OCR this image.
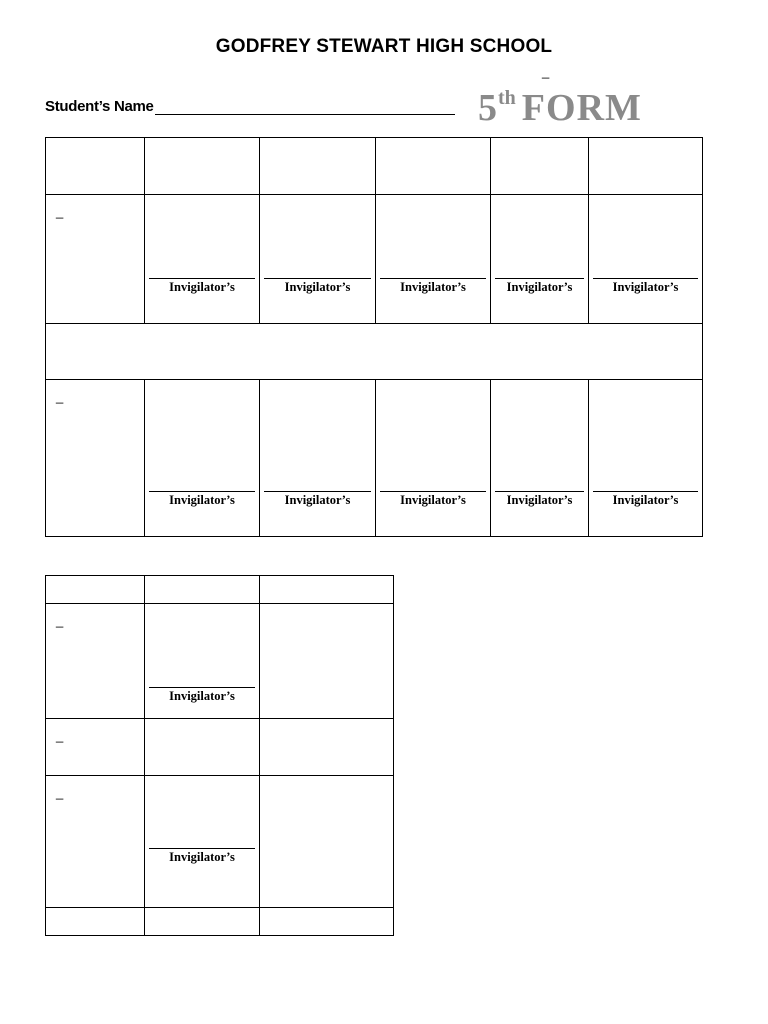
GODFREY STEWART HIGH SCHOOL
_
Student’s Name	5th FORM

_	Invigilator’s	Invigilator’s	Invigilator’s	Invigilator’s	Invigilator’s

_	Invigilator’s	Invigilator’s	Invigilator’s	Invigilator’s	Invigilator’s

_	Invigilator’s	

_		

_	Invigilator’s	
